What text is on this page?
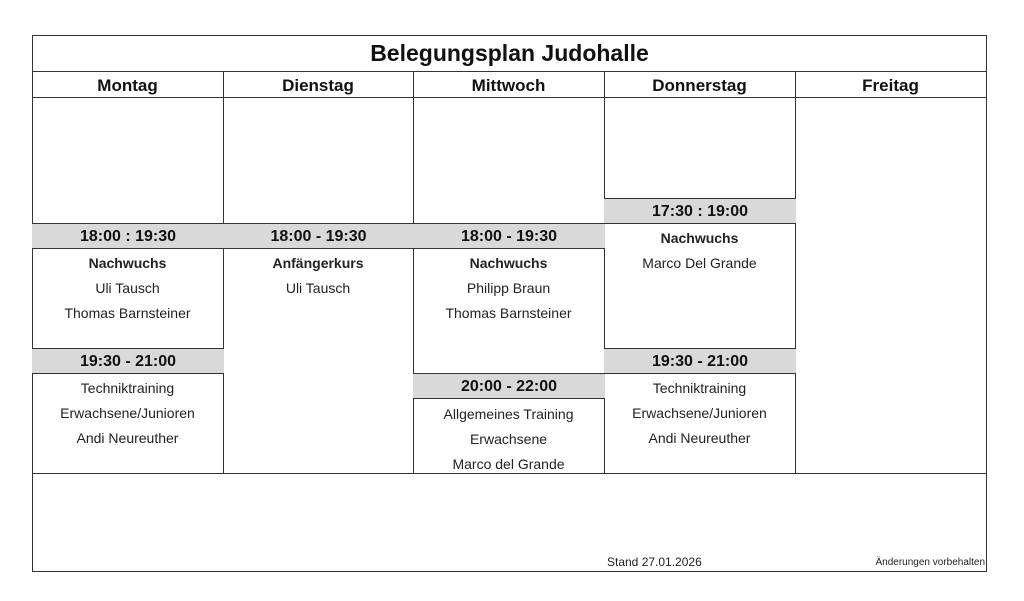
Belegungsplan Judohalle
Montag	Dienstag	Mittwoch	Donnerstag	Freitag
18:00 : 19:30
Nachwuchs
Uli Tausch
Thomas Barnsteiner
19:30 - 21:00
Techniktraining
Erwachsene/Junioren
Andi Neureuther
18:00 - 19:30
Anfängerkurs
Uli Tausch
18:00 - 19:30
Nachwuchs
Philipp Braun
Thomas Barnsteiner
20:00 - 22:00
Allgemeines Training
Erwachsene
Marco del Grande
17:30 : 19:00
Nachwuchs
Marco Del Grande
19:30 - 21:00
Techniktraining
Erwachsene/Junioren
Andi Neureuther
Stand 27.01.2026	Änderungen vorbehalten
